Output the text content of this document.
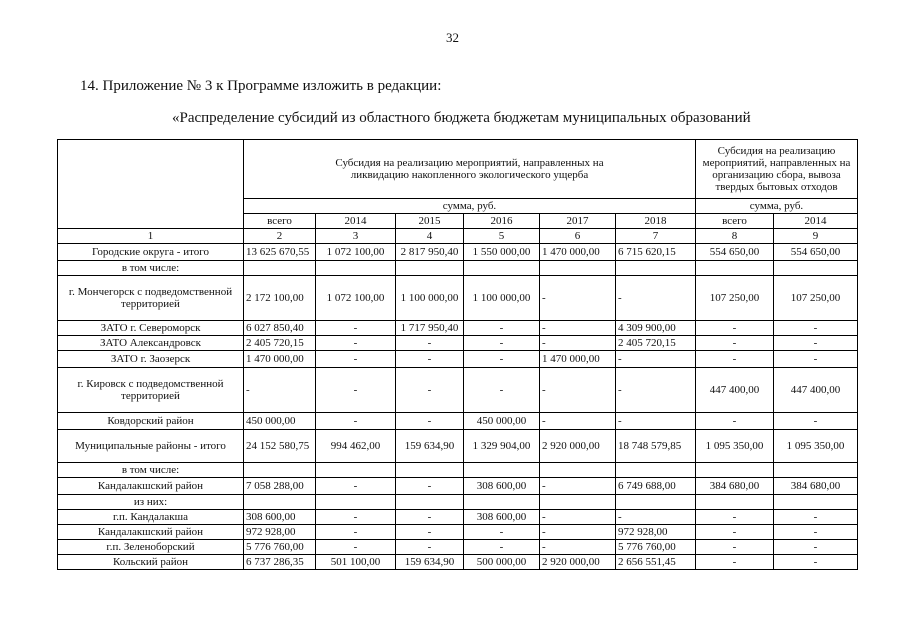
32
14. Приложение № 3 к Программе изложить в редакции:
«Распределение субсидий из областного бюджета бюджетам муниципальных образований
	Субсидия на реализацию мероприятий, направленных на ликвидацию накопленного экологического ущерба						Субсидия на реализацию мероприятий, направленных на организацию сбора, вывоза твердых бытовых отходов	
	сумма, руб.						сумма, руб.	
	всего	2014	2015	2016	2017	2018	всего	2014
1	2	3	4	5	6	7	8	9
Городские округа - итого	13 625 670,55	1 072 100,00	2 817 950,40	1 550 000,00	1 470 000,00	6 715 620,15	554 650,00	554 650,00
в том числе:								
г. Мончегорск с подведомственной территорией	2 172 100,00	1 072 100,00	1 100 000,00	1 100 000,00	-	-	107 250,00	107 250,00
ЗАТО г. Североморск	6 027 850,40	-	1 717 950,40	-	-	4 309 900,00	-	-
ЗАТО Александровск	2 405 720,15	-	-	-	-	2 405 720,15	-	-
ЗАТО г. Заозерск	1 470 000,00	-	-	-	1 470 000,00	-	-	-
г. Кировск с подведомственной территорией	-	-	-	-	-	-	447 400,00	447 400,00
Ковдорский район	450 000,00	-	-	450 000,00	-	-	-	-
Муниципальные районы - итого	24 152 580,75	994 462,00	159 634,90	1 329 904,00	2 920 000,00	18 748 579,85	1 095 350,00	1 095 350,00
в том числе:								
Кандалакшский район	7 058 288,00	-	-	308 600,00	-	6 749 688,00	384 680,00	384 680,00
из них:								
г.п. Кандалакша	308 600,00	-	-	308 600,00	-	-	-	-
Кандалакшский район	972 928,00	-	-	-	-	972 928,00	-	-
г.п. Зеленоборский	5 776 760,00	-	-	-	-	5 776 760,00	-	-
Кольский район	6 737 286,35	501 100,00	159 634,90	500 000,00	2 920 000,00	2 656 551,45	-	-
